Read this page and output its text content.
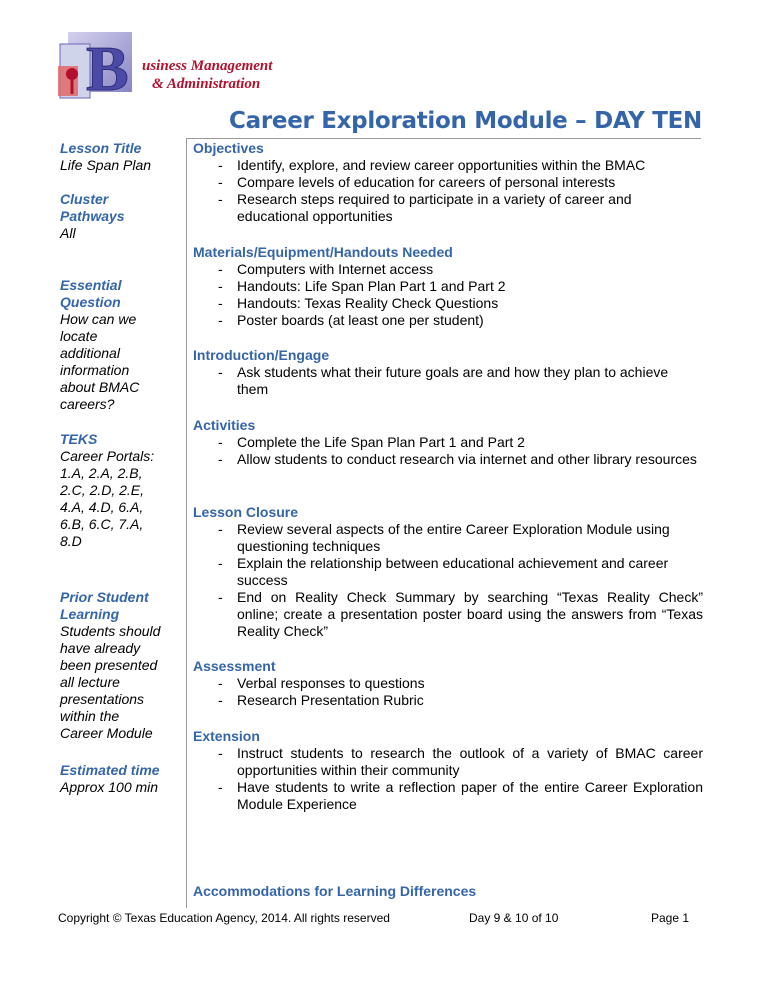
B usiness Management
& Administration
Career Exploration Module – DAY TEN
Lesson Title
Life Span Plan
Cluster
Pathways
All
Essential
Question
How can we
locate
additional
information
about BMAC
careers?
TEKS
Career Portals:
1.A, 2.A, 2.B,
2.C, 2.D, 2.E,
4.A, 4.D, 6.A,
6.B, 6.C, 7.A,
8.D
Prior Student
Learning
Students should
have already
been presented
all lecture
presentations
within the
Career Module
Estimated time
Approx 100 min
Objectives
- Identify, explore, and review career opportunities within the BMAC
- Compare levels of education for careers of personal interests
- Research steps required to participate in a variety of career and educational opportunities
Materials/Equipment/Handouts Needed
- Computers with Internet access
- Handouts: Life Span Plan Part 1 and Part 2
- Handouts: Texas Reality Check Questions
- Poster boards (at least one per student)
Introduction/Engage
- Ask students what their future goals are and how they plan to achieve them
Activities
- Complete the Life Span Plan Part 1 and Part 2
- Allow students to conduct research via internet and other library resources
Lesson Closure
- Review several aspects of the entire Career Exploration Module using questioning techniques
- Explain the relationship between educational achievement and career success
- End on Reality Check Summary by searching “Texas Reality Check” online; create a presentation poster board using the answers from “Texas Reality Check”
Assessment
- Verbal responses to questions
- Research Presentation Rubric
Extension
- Instruct students to research the outlook of a variety of BMAC career opportunities within their community
- Have students to write a reflection paper of the entire Career Exploration Module Experience
Accommodations for Learning Differences
Copyright © Texas Education Agency, 2014. All rights reserved	Day 9 & 10 of 10	Page 1
